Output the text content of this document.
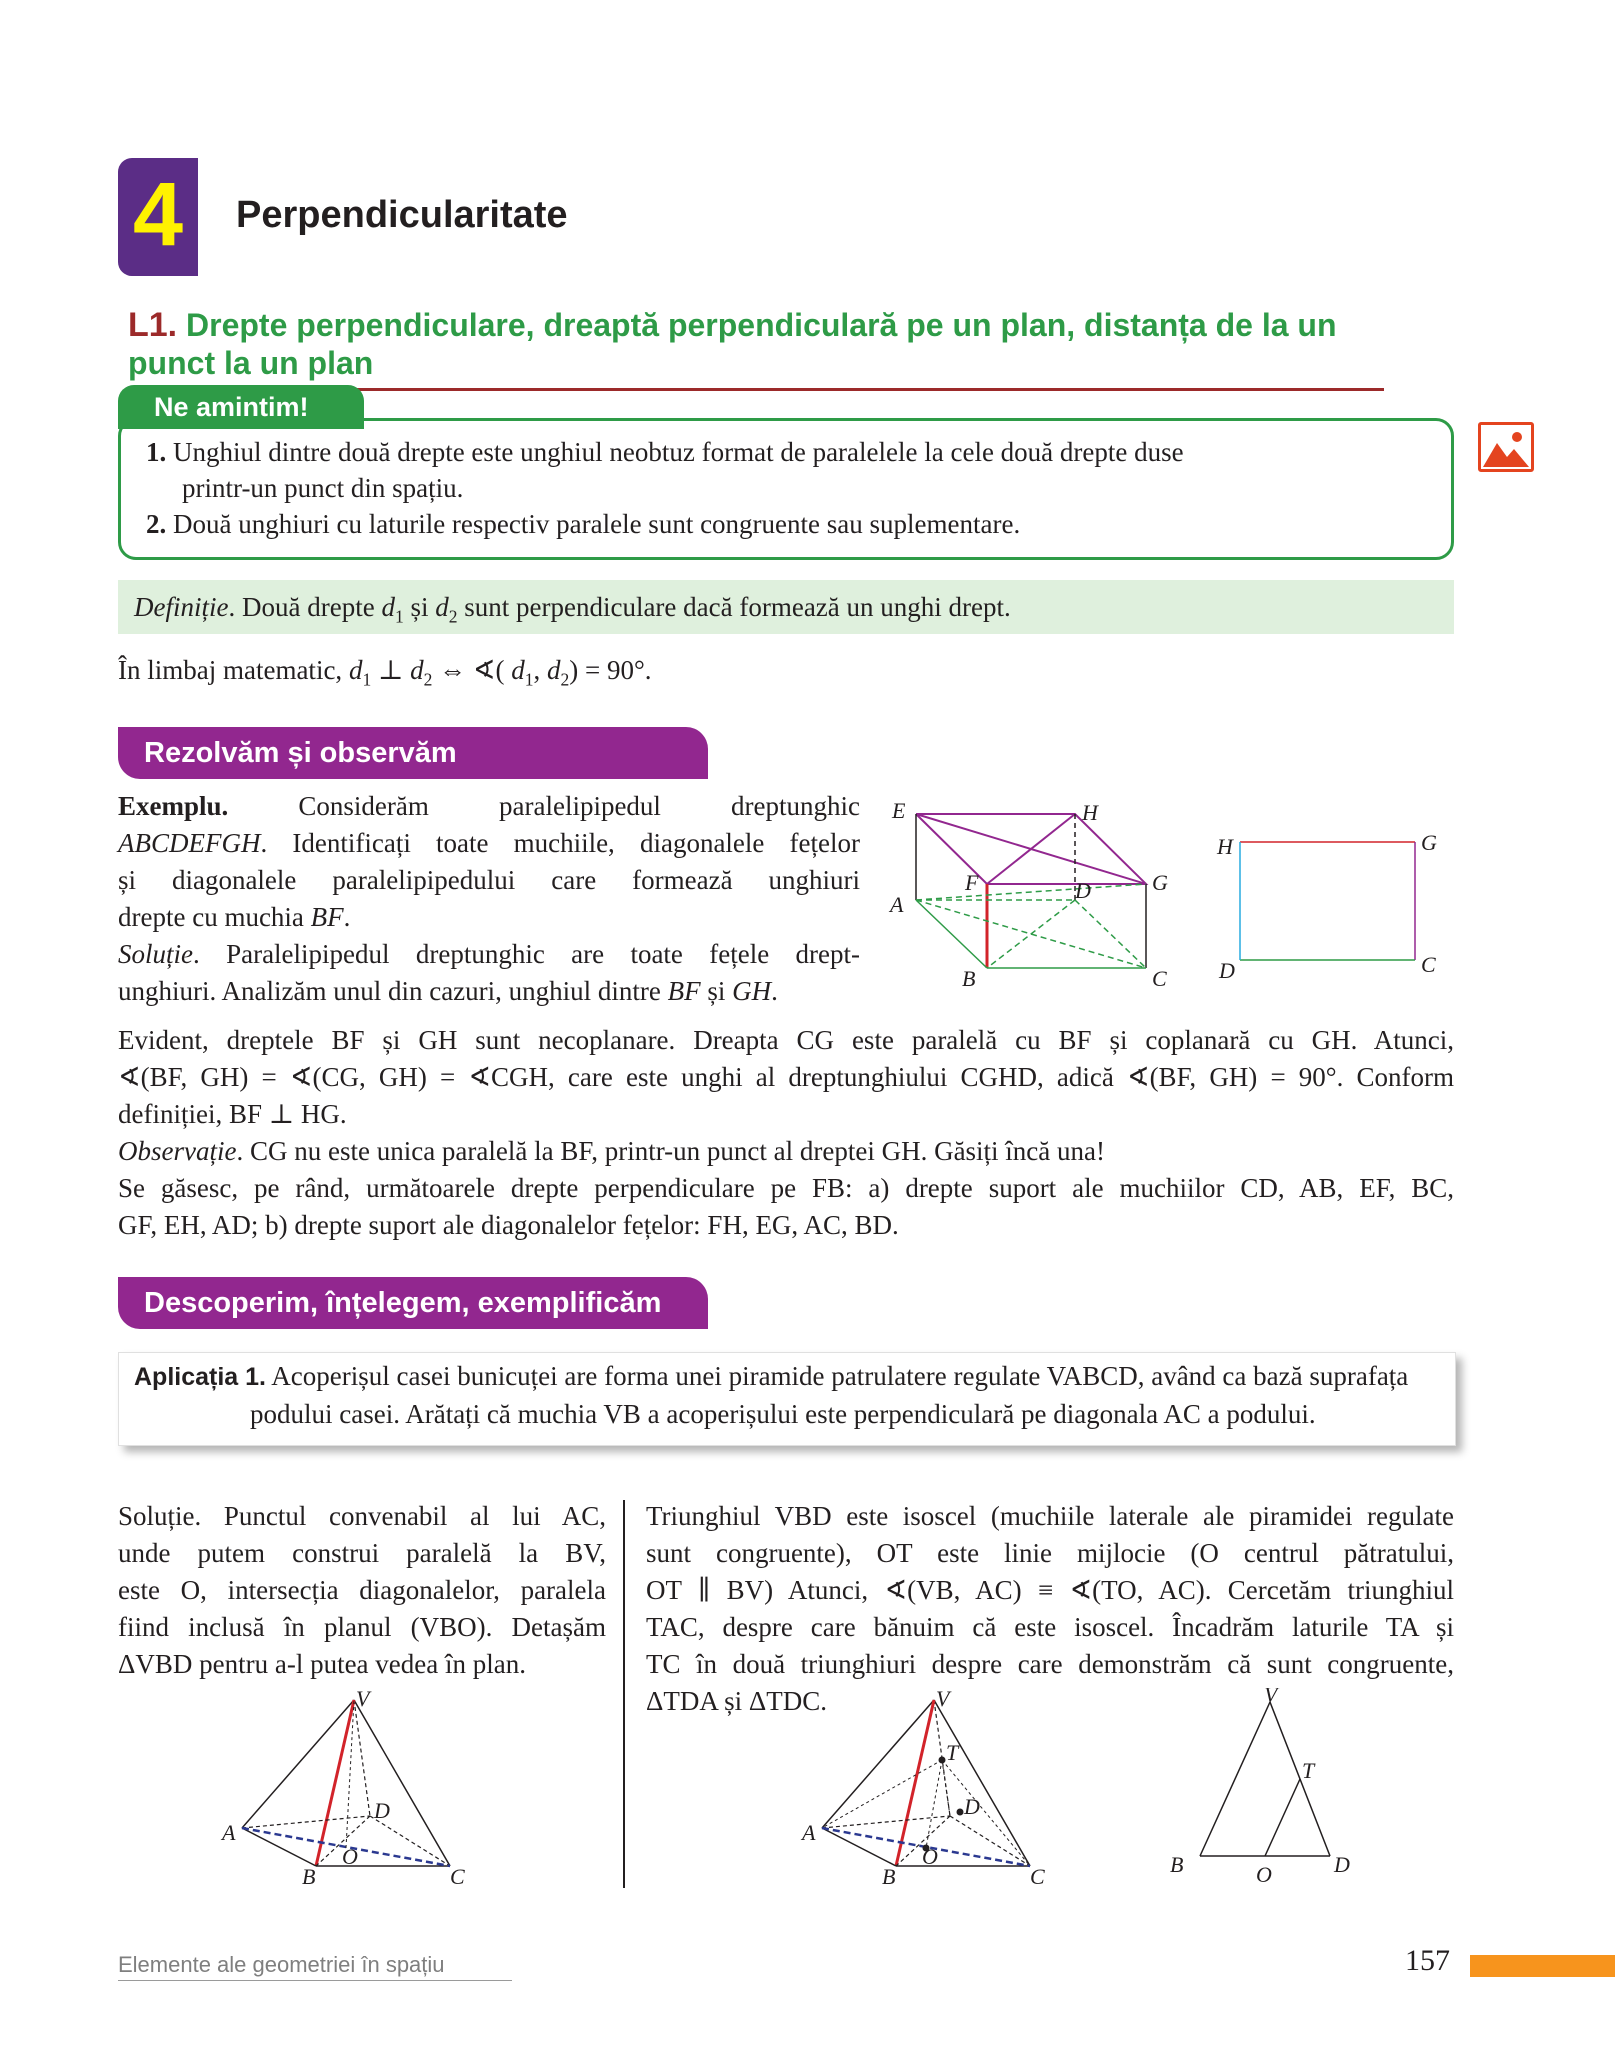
4	Perpendicularitate
L1. Drepte perpendiculare, dreaptă perpendiculară pe un plan, distanța de la un punct la un plan
Ne amintim!
1. Unghiul dintre două drepte este unghiul neobtuz format de paralelele la cele două drepte duse
printr-un punct din spațiu.
2. Două unghiuri cu laturile respectiv paralele sunt congruente sau suplementare.
Definiție. Două drepte $d_1$ și $d_2$ sunt perpendiculare dacă formează un unghi drept.
În limbaj matematic, $d_1$ ⊥ $d_2$ ⇔ ∢( $d_1$, $d_2) = 90^\circ$.
Rezolvăm și observăm
Exemplu.	Considerăm paralelipipedul dreptunghic
ABCDEFGH. Identificați toate muchiile, diagonalele fețelor
și diagonalele paralelipipedului care formează unghiuri
drepte cu muchia BF.
Soluție. Paralelipipedul dreptunghic are toate fețele drept-
unghiuri. Analizăm unul din cazuri, unghiul dintre BF și GH.
E	H
G
F	D
A
B	C
H	G
D	C
Evident, dreptele BF și GH sunt necoplanare. Dreapta CG este paralelă cu BF și coplanară cu GH. Atunci,
∢(BF, GH) = ∢(CG, GH) = ∢CGH, care este unghi al dreptunghiului CGHD, adică ∢(BF, GH) = 90°. Conform
definiției, BF ⊥ HG.
Observație. CG nu este unica paralelă la BF, printr-un punct al dreptei GH. Găsiți încă una!
Se găsesc, pe rând, următoarele drepte perpendiculare pe FB: a) drepte suport ale muchiilor CD, AB, EF, BC,
GF, EH, AD; b) drepte suport ale diagonalelor fețelor: FH, EG, AC, BD.
Descoperim, înțelegem, exemplificăm
Aplicația 1. Acoperișul casei bunicuței are forma unei piramide patrulatere regulate VABCD, având ca bază suprafața
podului casei. Arătați că muchia VB a acoperișului este perpendiculară pe diagonala AC a podului.
Soluție. Punctul convenabil al lui AC,
unde putem construi paralelă la BV,
este O, intersecția diagonalelor, paralela
fiind inclusă în planul (VBO). Detașăm
ΔVBD pentru a-l putea vedea în plan.
Triunghiul VBD este isoscel (muchiile laterale ale piramidei regulate
sunt congruente), OT este linie mijlocie (O centrul pătratului,
OT ∥ BV) Atunci, ∢(VB, AC) ≡ ∢(TO, AC). Cercetăm triunghiul
TAC, despre care bănuim că este isoscel. Încadrăm laturile TA și
TC în două triunghiuri despre care demonstrăm că sunt congruente,
ΔTDA și ΔTDC.
V
A
B	C
D
O
V
T
A
B	C
D
O
V
T
B	O	D
Elemente ale geometriei în spațiu	157
